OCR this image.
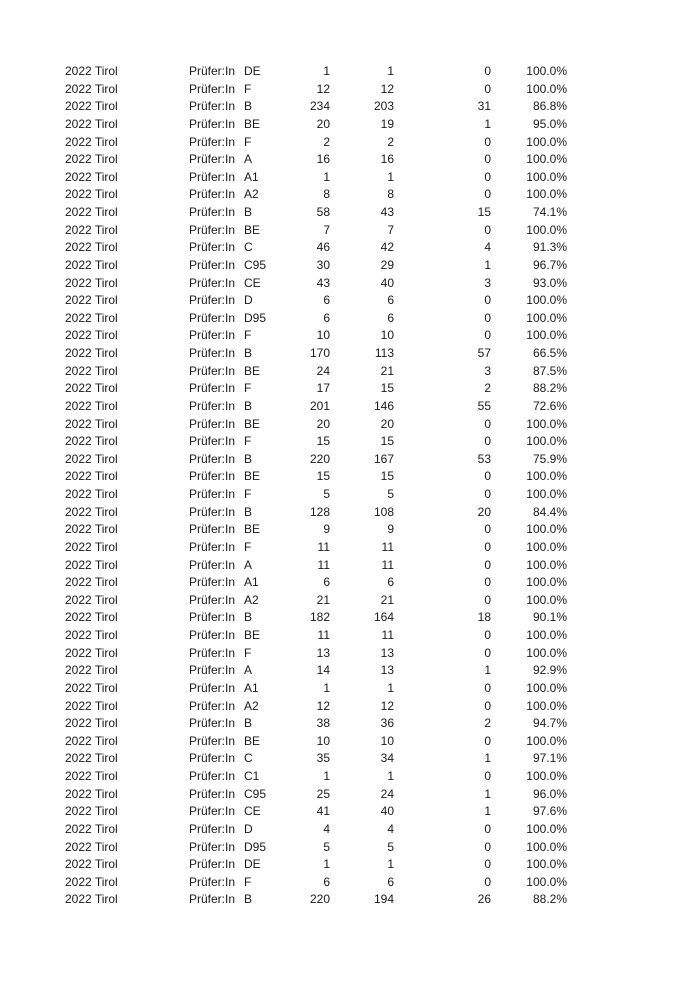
2022 Tirol	Prüfer:In DE	1	1	0	100.0%
2022 Tirol	Prüfer:In F	12	12	0	100.0%
2022 Tirol	Prüfer:In B	234	203	31	86.8%
2022 Tirol	Prüfer:In BE	20	19	1	95.0%
2022 Tirol	Prüfer:In F	2	2	0	100.0%
2022 Tirol	Prüfer:In A	16	16	0	100.0%
2022 Tirol	Prüfer:In A1	1	1	0	100.0%
2022 Tirol	Prüfer:In A2	8	8	0	100.0%
2022 Tirol	Prüfer:In B	58	43	15	74.1%
2022 Tirol	Prüfer:In BE	7	7	0	100.0%
2022 Tirol	Prüfer:In C	46	42	4	91.3%
2022 Tirol	Prüfer:In C95	30	29	1	96.7%
2022 Tirol	Prüfer:In CE	43	40	3	93.0%
2022 Tirol	Prüfer:In D	6	6	0	100.0%
2022 Tirol	Prüfer:In D95	6	6	0	100.0%
2022 Tirol	Prüfer:In F	10	10	0	100.0%
2022 Tirol	Prüfer:In B	170	113	57	66.5%
2022 Tirol	Prüfer:In BE	24	21	3	87.5%
2022 Tirol	Prüfer:In F	17	15	2	88.2%
2022 Tirol	Prüfer:In B	201	146	55	72.6%
2022 Tirol	Prüfer:In BE	20	20	0	100.0%
2022 Tirol	Prüfer:In F	15	15	0	100.0%
2022 Tirol	Prüfer:In B	220	167	53	75.9%
2022 Tirol	Prüfer:In BE	15	15	0	100.0%
2022 Tirol	Prüfer:In F	5	5	0	100.0%
2022 Tirol	Prüfer:In B	128	108	20	84.4%
2022 Tirol	Prüfer:In BE	9	9	0	100.0%
2022 Tirol	Prüfer:In F	11	11	0	100.0%
2022 Tirol	Prüfer:In A	11	11	0	100.0%
2022 Tirol	Prüfer:In A1	6	6	0	100.0%
2022 Tirol	Prüfer:In A2	21	21	0	100.0%
2022 Tirol	Prüfer:In B	182	164	18	90.1%
2022 Tirol	Prüfer:In BE	11	11	0	100.0%
2022 Tirol	Prüfer:In F	13	13	0	100.0%
2022 Tirol	Prüfer:In A	14	13	1	92.9%
2022 Tirol	Prüfer:In A1	1	1	0	100.0%
2022 Tirol	Prüfer:In A2	12	12	0	100.0%
2022 Tirol	Prüfer:In B	38	36	2	94.7%
2022 Tirol	Prüfer:In BE	10	10	0	100.0%
2022 Tirol	Prüfer:In C	35	34	1	97.1%
2022 Tirol	Prüfer:In C1	1	1	0	100.0%
2022 Tirol	Prüfer:In C95	25	24	1	96.0%
2022 Tirol	Prüfer:In CE	41	40	1	97.6%
2022 Tirol	Prüfer:In D	4	4	0	100.0%
2022 Tirol	Prüfer:In D95	5	5	0	100.0%
2022 Tirol	Prüfer:In DE	1	1	0	100.0%
2022 Tirol	Prüfer:In F	6	6	0	100.0%
2022 Tirol	Prüfer:In B	220	194	26	88.2%
